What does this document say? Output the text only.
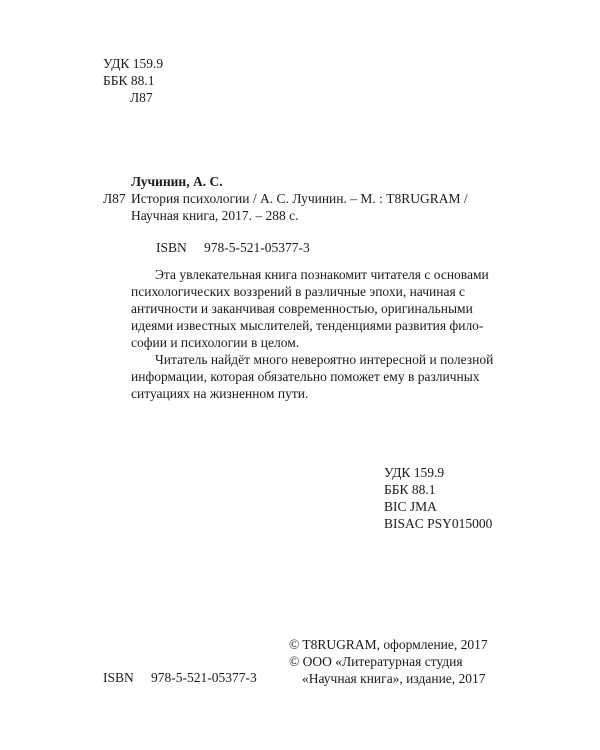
УДК 159.9
ББК 88.1
Л87
Лучинин, А. С.
Л87 История психологии / А. С. Лучинин. – М. : T8RUGRAM /
Научная книга, 2017. – 288 с.
ISBN 978-5-521-05377-3
Эта увлекательная книга познакомит читателя с основами
психологических воззрений в различные эпохи, начиная с
античности и заканчивая современностью, оригинальными
идеями известных мыслителей, тенденциями развития фило-
софии и психологии в целом.
Читатель найдёт много невероятно интересной и полезной
информации, которая обязательно поможет ему в различных
ситуациях на жизненном пути.
УДК 159.9
ББК 88.1
BIC JMA
BISAC PSY015000
© T8RUGRAM, оформление, 2017
© ООО «Литературная студия
«Научная книга», издание, 2017
ISBN 978-5-521-05377-3
